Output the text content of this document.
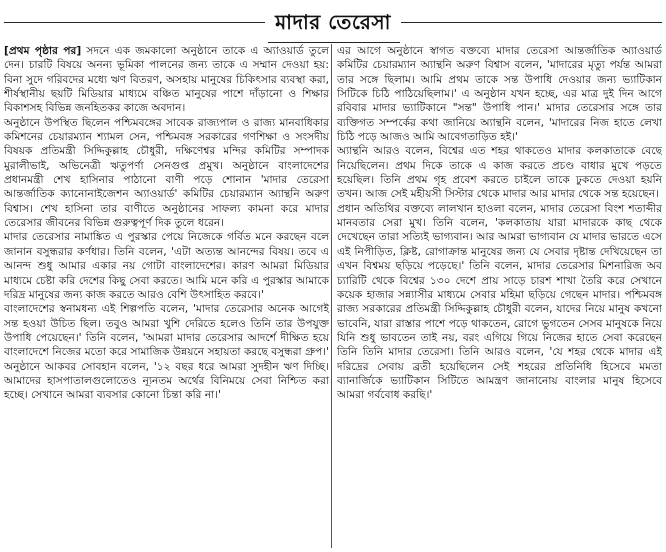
মাদার তেরেসা

[প্রথম পৃষ্ঠার পর] সদনে এক জমকালো অনুষ্ঠানে তাকে এ অ্যাওয়ার্ড তুলে দেন। চারটি বিষয়ে অনন্য ভূমিকা পালনের জন্য তাকে এ সম্মান দেওয়া হয়: বিনা সুদে গরিবদের মধ্যে ঋণ বিতরণ, অসহায় মানুষের চিকিৎসার ব্যবস্থা করা, শীর্ষস্থানীয় ছয়টি মিডিয়ার মাধ্যমে বঞ্চিত মানুষের পাশে দাঁড়ানো ও শিক্ষার বিকাশসহ বিভিন্ন জনহিতকর কাজে অবদান।

অনুষ্ঠানে উপস্থিত ছিলেন পশ্চিমবঙ্গের সাবেক রাজ্যপাল ও রাজ্য মানবাধিকার কমিশনের চেয়ারম্যান শ্যামল সেন, পশ্চিমবঙ্গ সরকারের গণশিক্ষা ও সংসদীয় বিষয়ক প্রতিমন্ত্রী সিদ্দিকুল্লাহ চৌধুরী, দক্ষিণেশ্বর মন্দির কমিটির সম্পাদক মুরালীভাই, অভিনেত্রী ঋতুপর্ণা সেনগুপ্ত প্রমুখ। অনুষ্ঠানে বাংলাদেশের প্রধানমন্ত্রী শেখ হাসিনার পাঠানো বাণী পড়ে শোনান 'মাদার তেরেসা আন্তর্জাতিক ক্যানোনাইজেশন অ্যাওয়ার্ড' কমিটির চেয়ারম্যান অ্যান্থনি অরুণ বিশ্বাস। শেখ হাসিনা তার বাণীতে অনুষ্ঠানের সাফল্য কামনা করে মাদার তেরেসার জীবনের বিভিন্ন গুরুত্বপূর্ণ দিক তুলে ধরেন।

মাদার তেরেসার নামাঙ্কিত এ পুরস্কার পেয়ে নিজেকে গর্বিত মনে করছেন বলে জানান বসুন্ধরার কর্ণধার। তিনি বলেন, 'এটা অত্যন্ত আনন্দের বিষয়। তবে এ আনন্দ শুধু আমার একার নয় গোটা বাংলাদেশের। কারণ আমরা মিডিয়ার মাধ্যমে চেষ্টা করি দেশের কিছু সেবা করতে। আমি মনে করি এ পুরস্কার আমাকে দরিদ্র মানুষের জন্য কাজ করতে আরও বেশি উৎসাহিত করবে।'

বাংলাদেশের স্বনামধন্য এই শিল্পপতি বলেন, 'মাদার তেরেসার অনেক আগেই সন্ত হওয়া উচিত ছিল। তবুও আমরা খুশি দেরিতে হলেও তিনি তার উপযুক্ত উপাধি পেয়েছেন।' তিনি বলেন, 'আমরা মাদার তেরেসার আদর্শে দীক্ষিত হয়ে বাংলাদেশে নিজের মতো করে সামাজিক উন্নয়নে সহায়তা করছে বসুন্ধরা গ্রুপ।' অনুষ্ঠানে আকবর সোবহান বলেন, '১২ বছর ধরে আমরা সুদহীন ঋণ দিচ্ছি। আমাদের হাসপাতালগুলোতেও ন্যূনতম অর্থের বিনিময়ে সেবা নিশ্চিত করা হচ্ছে। সেখানে আমরা ব্যবসার কোনো চিন্তা করি না।'

এর আগে অনুষ্ঠানে স্বাগত বক্তব্যে মাদার তেরেসা আন্তর্জাতিক অ্যাওয়ার্ড কমিটির চেয়ারম্যান অ্যান্থনি অরুণ বিশ্বাস বলেন, 'মাদারের মৃত্যু পর্যন্ত আমরা তার সঙ্গে ছিলাম। আমি প্রথম তাকে সন্ত উপাধি দেওয়ার জন্য ভ্যাটিকান সিটিকে চিঠি পাঠিয়েছিলাম।' এ অনুষ্ঠান যখন হচ্ছে, এর মাত্র দুই দিন আগে রবিবার মাদার ভ্যাটিকানে "সন্ত" উপাধি পান।' মাদার তেরেসার সঙ্গে তার ব্যক্তিগত সম্পর্কের কথা জানিয়ে অ্যান্থনি বলেন, 'মাদারের নিজ হাতে লেখা চিঠি পড়ে আজও আমি আবেগতাড়িত হই।'

অ্যান্থনি আরও বলেন, বিশ্বের এত শহর থাকতেও মাদার কলকাতাকে বেছে নিয়েছিলেন। প্রথম দিকে তাকে এ কাজ করতে প্রচণ্ড বাধার মুখে পড়তে হয়েছিল। তিনি প্রথম গৃহ প্রবেশ করতে চাইলে তাকে ঢুকতে দেওয়া হয়নি তখন। আজ সেই মহীয়সী সিস্টার থেকে মাদার আর মাদার থেকে সন্ত হয়েছেন।

প্রধান অতিথির বক্তব্যে লালখান হাওলা বলেন, মাদার তেরেসা বিংশ শতাব্দীর মানবতার সেরা মুখ। তিনি বলেন, 'কলকাতায় যারা মাদারকে কাছ থেকে দেখেছেন তারা সত্যিই ভাগ্যবান। আর আমরা ভাগ্যবান যে মাদার ভারতে এসে এই নিপীড়িত, ক্লিষ্ট, রোগাক্রান্ত মানুষের জন্য যে সেবার দৃষ্টান্ত দেখিয়েছেন তা এখন বিশ্বময় ছড়িয়ে পড়েছে।' তিনি বলেন, মাদার তেরেসার মিশনারিজ অব চ্যারিটি থেকে বিশ্বের ১৩০ দেশে প্রায় সাড়ে চারশ শাখা তৈরি করে সেখানে কয়েক হাজার সন্ন্যাসীর মাধ্যমে সেবার মহিমা ছড়িয়ে গেছেন মাদার। পশ্চিমবঙ্গ রাজ্য সরকারের প্রতিমন্ত্রী সিদ্দিকুল্লাহ চৌধুরী বলেন, যাদের নিয়ে মানুষ কখনো ভাবেনি, যারা রাস্তার পাশে পড়ে থাকতেন, রোগে ভুগতেন সেসব মানুষকে নিয়ে যিনি শুধু ভাবতেন তাই নয়, বরং এগিয়ে গিয়ে নিজের হাতে সেবা করেছেন তিনি তিনি মাদার তেরেসা। তিনি আরও বলেন, 'যে শহর থেকে মাদার এই দরিদ্রের সেবায় ব্রতী হয়েছিলেন সেই শহরের প্রতিনিধি হিসেবে মমতা ব্যানার্জিকে ভ্যাটিকান সিটিতে আমন্ত্রণ জানানোয় বাংলার মানুষ হিসেবে আমরা গর্ববোধ করছি।'
